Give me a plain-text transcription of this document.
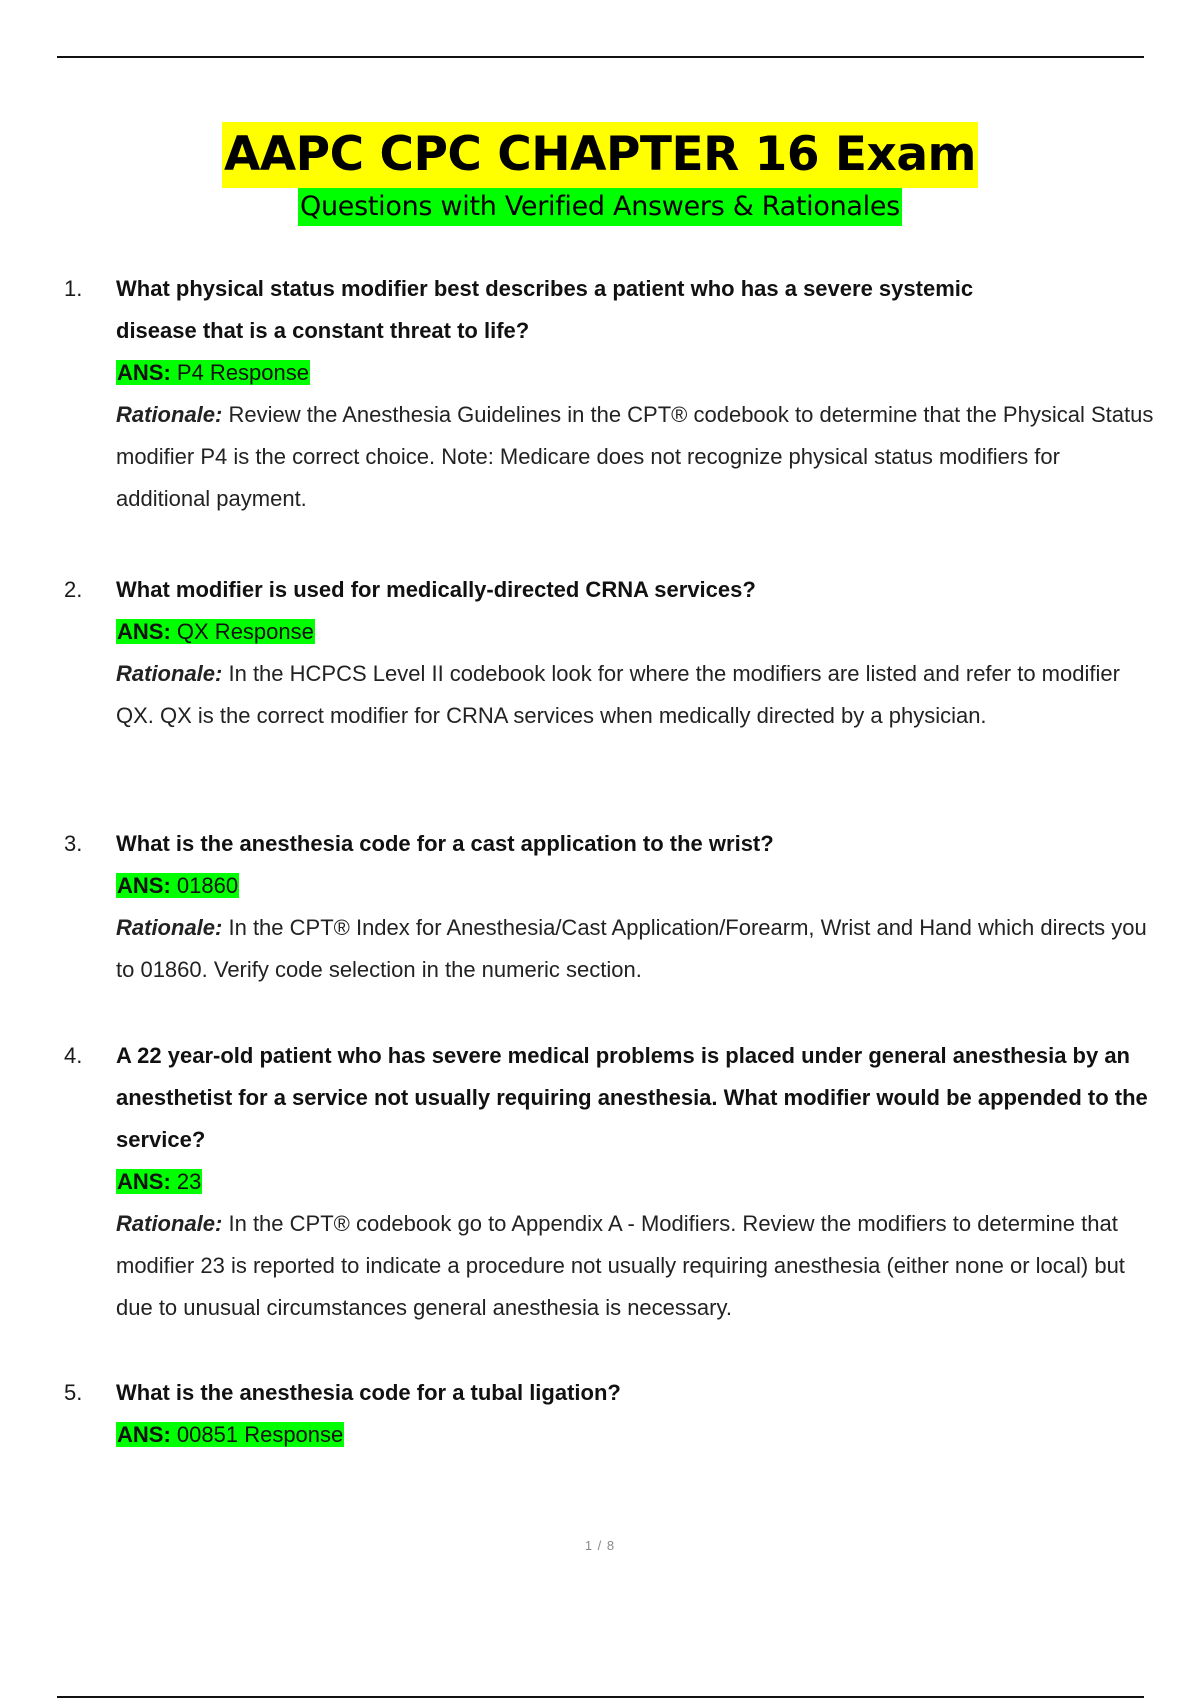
AAPC CPC CHAPTER 16 Exam
Questions with Verified Answers & Rationales
1. What physical status modifier best describes a patient who has a severe systemic disease that is a constant threat to life?
ANS: P4 Response
Rationale: Review the Anesthesia Guidelines in the CPT® codebook to determine that the Physical Status modifier P4 is the correct choice. Note: Medicare does not recognize physical status modifiers for additional payment.
2. What modifier is used for medically-directed CRNA services?
ANS: QX Response
Rationale: In the HCPCS Level II codebook look for where the modifiers are listed and refer to modifier QX. QX is the correct modifier for CRNA services when medically directed by a physician.
3. What is the anesthesia code for a cast application to the wrist?
ANS: 01860
Rationale: In the CPT® Index for Anesthesia/Cast Application/Forearm, Wrist and Hand which directs you to 01860. Verify code selection in the numeric section.
4. A 22 year-old patient who has severe medical problems is placed under general anesthesia by an anesthetist for a service not usually requiring anesthesia. What modifier would be appended to the service?
ANS: 23
Rationale: In the CPT® codebook go to Appendix A - Modifiers. Review the modifiers to determine that modifier 23 is reported to indicate a procedure not usually requiring anesthesia (either none or local) but due to unusual circumstances general anesthesia is necessary.
5. What is the anesthesia code for a tubal ligation?
ANS: 00851 Response
1 / 8
